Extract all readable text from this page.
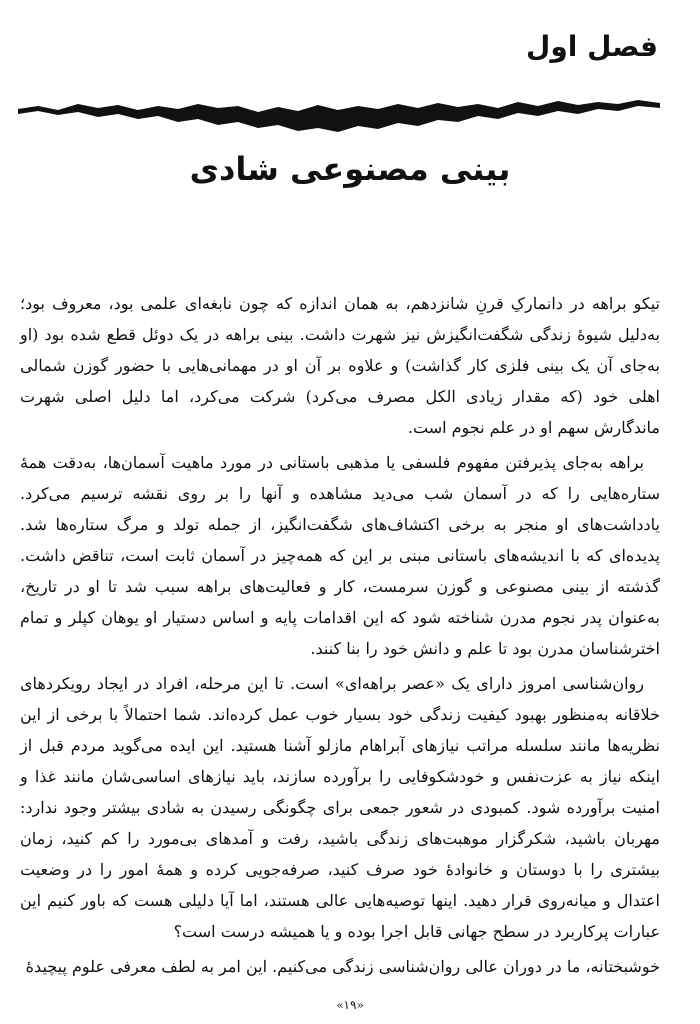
فصل اول
بینی مصنوعی شادی

تیکو براهه در دانمارکِ قرنِ شانزدهم، به همان اندازه که چون نابغه‌ای علمی بود، معروف بود؛ به‌دلیل شیوهٔ زندگی شگفت‌انگیزش نیز شهرت داشت. بینی براهه در یک دوئل قطع شده بود (او به‌جای آن یک بینی فلزی کار گذاشت) و علاوه بر آن او در مهمانی‌هایی با حضور گوزن شمالی اهلی خود (که مقدار زیادی الکل مصرف می‌کرد) شرکت می‌کرد، اما دلیل اصلی شهرت ماندگارش سهم او در علم نجوم است.

براهه به‌جای پذیرفتن مفهوم فلسفی یا مذهبی باستانی در مورد ماهیت آسمان‌ها، به‌دقت همهٔ ستاره‌هایی را که در آسمان شب می‌دید مشاهده و آنها را بر روی نقشه ترسیم می‌کرد. یادداشت‌های او منجر به برخی اکتشاف‌های شگفت‌انگیز، از جمله تولد و مرگ ستاره‌ها شد. پدیده‌ای که با اندیشه‌های باستانی مبنی بر این که همه‌چیز در آسمان ثابت است، تناقض داشت. گذشته از بینی مصنوعی و گوزن سرمست، کار و فعالیت‌های براهه سبب شد تا او در تاریخ، به‌عنوان پدر نجوم مدرن شناخته شود که این اقدامات پایه و اساس دستیار او یوهان کپلر و تمام اخترشناسان مدرن بود تا علم و دانش خود را بنا کنند.

روان‌شناسی امروز دارای یک «عصر براهه‌ای» است. تا این مرحله، افراد در ایجاد رویکردهای خلاقانه به‌منظور بهبود کیفیت زندگی خود بسیار خوب عمل کرده‌اند. شما احتمالاً با برخی از این نظریه‌ها مانند سلسله مراتب نیازهای آبراهام مازلو آشنا هستید. این ایده می‌گوید مردم قبل از اینکه نیاز به عزت‌نفس و خودشکوفایی را برآورده سازند، باید نیازهای اساسی‌شان مانند غذا و امنیت برآورده شود. کمبودی در شعور جمعی برای چگونگی رسیدن به شادی بیشتر وجود ندارد: مهربان باشید، شکرگزار موهبت‌های زندگی باشید، رفت و آمدهای بی‌مورد را کم کنید، زمان بیشتری را با دوستان و خانوادهٔ خود صرف کنید، صرفه‌جویی کرده و همهٔ امور را در وضعیت اعتدال و میانه‌روی قرار دهید. اینها توصیه‌هایی عالی هستند، اما آیا دلیلی هست که باور کنیم این عبارات پرکاربرد در سطح جهانی قابل اجرا بوده و یا همیشه درست است؟

خوشبختانه، ما در دوران عالی روان‌شناسی زندگی می‌کنیم. این امر به لطف معرفی علوم پیچیدهٔ

«۱۹»
